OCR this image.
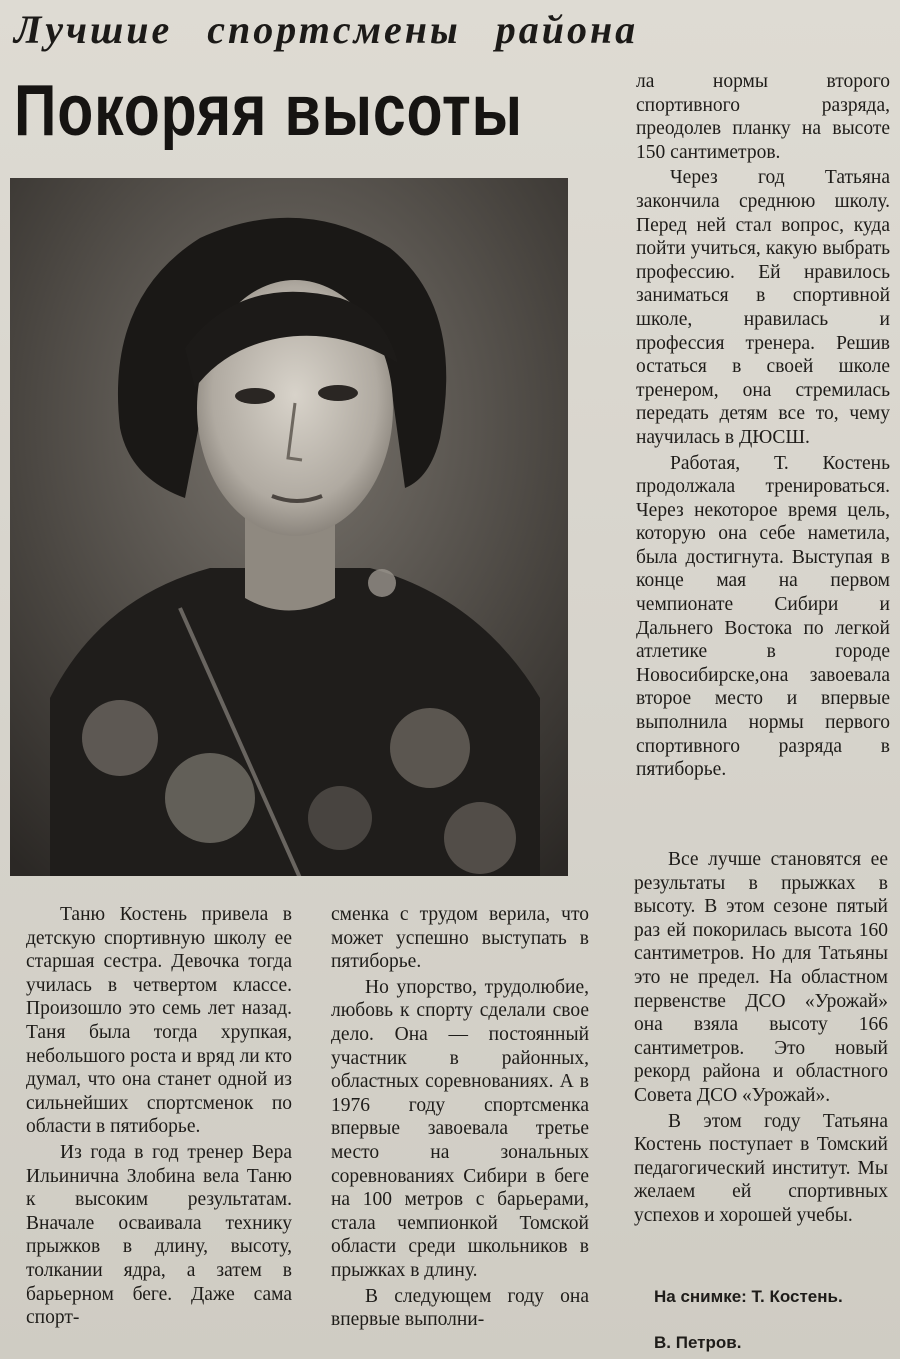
Лучшие спортсмены района
Покоряя высоты	ла нормы второго спортивного разряда, преодолев планку на высоте 150 сантиметров.

Через год Татьяна закончила среднюю школу. Перед ней стал вопрос, куда пойти учиться, какую выбрать профессию. Ей нравилось заниматься в спортивной школе, нравилась и профессия тренера. Решив остаться в своей школе тренером, она стремилась передать детям все то, чему научилась в ДЮСШ.

Работая, Т. Костень продолжала тренироваться. Через некоторое время цель, которую она себе наметила, была достигнута. Выступая в конце мая на первом чемпионате Сибири и Дальнего Востока по легкой атлетике в городе Новосибирске,она завоевала второе место и впервые выполнила нормы первого спортивного разряда в пятиборье.

Все лучше становятся ее результаты в прыжках в высоту. В этом сезоне пятый раз ей покорилась высота 160 сантиметров. Но для Татьяны это не предел. На областном первенстве ДСО «Урожай» она взяла высоту 166 сантиметров. Это новый рекорд района и областного Совета ДСО «Урожай».

В этом году Татьяна Костень поступает в Томский педагогический институт. Мы желаем ей спортивных успехов и хорошей учебы.

Таню Костень привела в детскую спортивную школу ее старшая сестра. Девочка тогда училась в четвертом классе. Произошло это семь лет назад. Таня была тогда хрупкая, небольшого роста и вряд ли кто думал, что она станет одной из сильнейших спортсменок по области в пятиборье.

Из года в год тренер Вера Ильинична Злобина вела Таню к высоким результатам. Вначале осваивала технику прыжков в длину, высоту, толкании ядра, а затем в барьерном беге. Даже сама спорт-

сменка с трудом верила, что может успешно выступать в пятиборье.

Но упорство, трудолюбие, любовь к спорту сделали свое дело. Она — постоянный участник в районных, областных соревнованиях. А в 1976 году спортсменка впервые завоевала третье место на зональных соревнованиях Сибири в беге на 100 метров с барьерами, стала чемпионкой Томской области среди школьников в прыжках в длину.

В следующем году она впервые выполни-

На снимке: Т. Костень.
В. Петров.
